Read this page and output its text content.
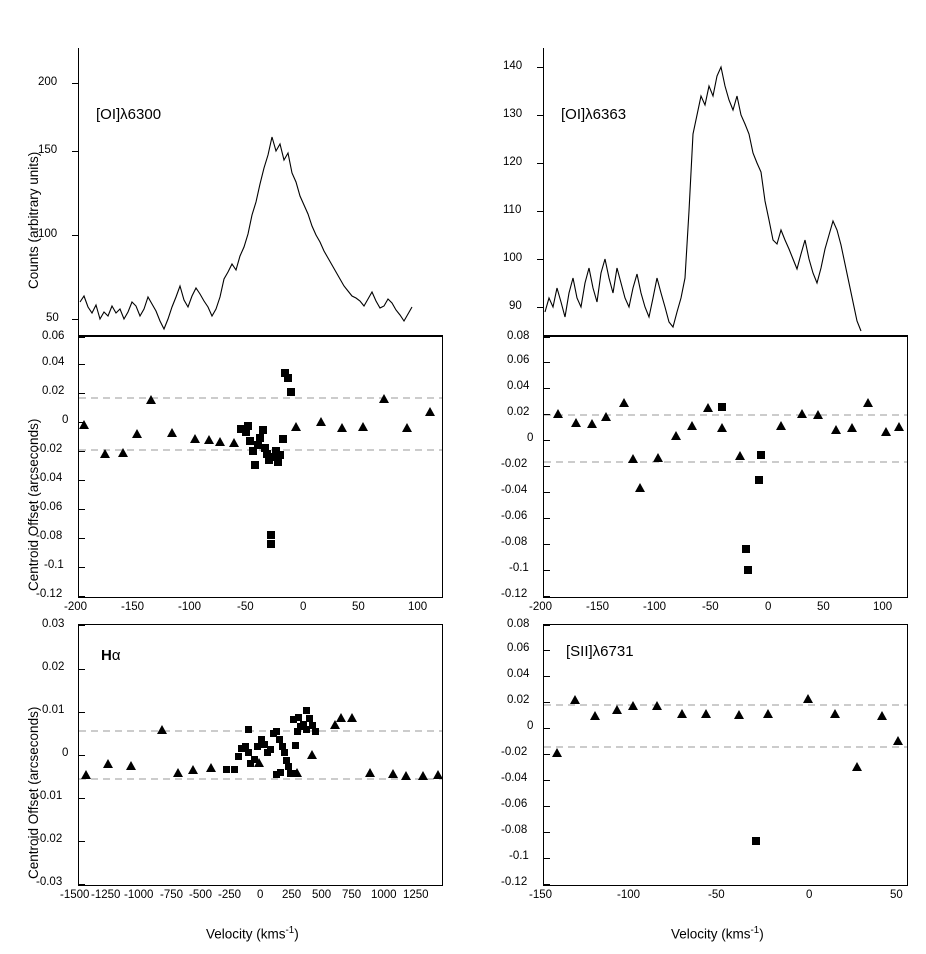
50
100
150
200
[OI]λ6300
Counts (arbitrary units)
90
100
110
120
130
140
[OI]λ6363
-0.12
-0.1
-0.08
-0.06
-0.04
-0.02
0
0.02
0.04
0.06
-200	-150	-100	-50	0	50	100
Centroid Offset (arcseconds)
-0.12
-0.1
-0.08
-0.06
-0.04
-0.02
0
0.02
0.04
0.06
0.08
-200	-150	-100	-50	0	50	100
Hα
-0.03
-0.02
-0.01
0
0.01
0.02
0.03
-1500 -1250 -1000 -750 -500 -250 0 250 500 750 1000 1250
Centroid Offset (arcseconds)
[SII]λ6731
-0.12
-0.1
-0.08
-0.06
-0.04
-0.02
0
0.02
0.04
0.06
0.08
-150	-100	-50	0	50
Velocity (kms$^{-1}$)	Velocity (kms$^{-1}$)
